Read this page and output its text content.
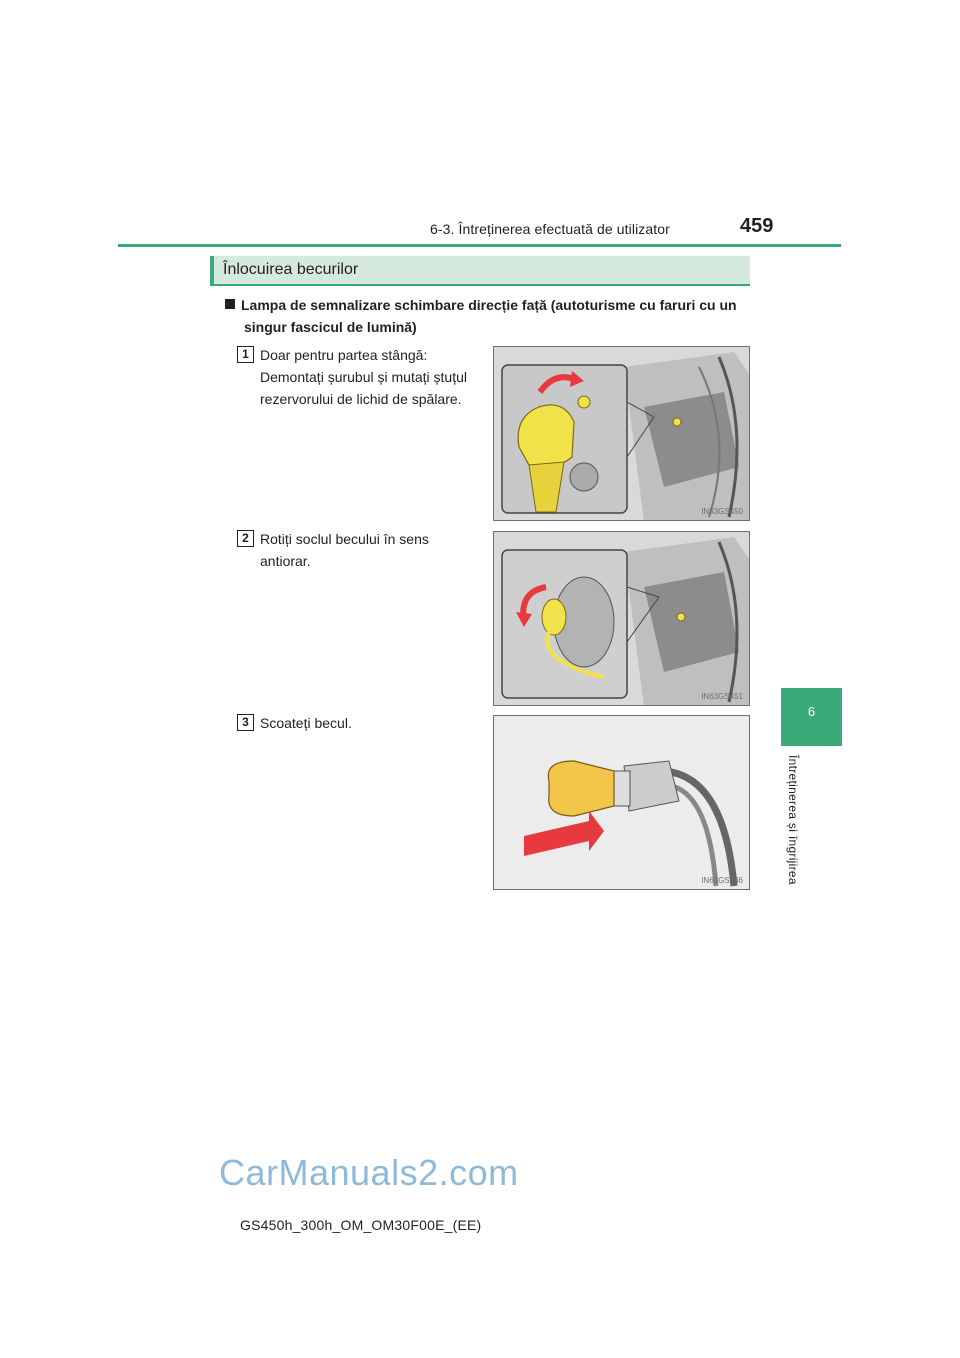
6-3. Întreținerea efectuată de utilizator	459
6
Întreținerea și îngrijirea
Înlocuirea becurilor
Lampa de semnalizare schimbare direcție față (autoturisme cu faruri cu un
singur fascicul de lumină)
1 Doar pentru partea stângă:
Demontați șurubul și mutați ștuțul
rezervorului de lichid de spălare.
IN63GS450
2 Rotiți soclul becului în sens
antiorar.
IN63GS451
3 Scoateți becul.
IN63GS146
CarManuals2.com
GS450h_300h_OM_OM30F00E_(EE)
